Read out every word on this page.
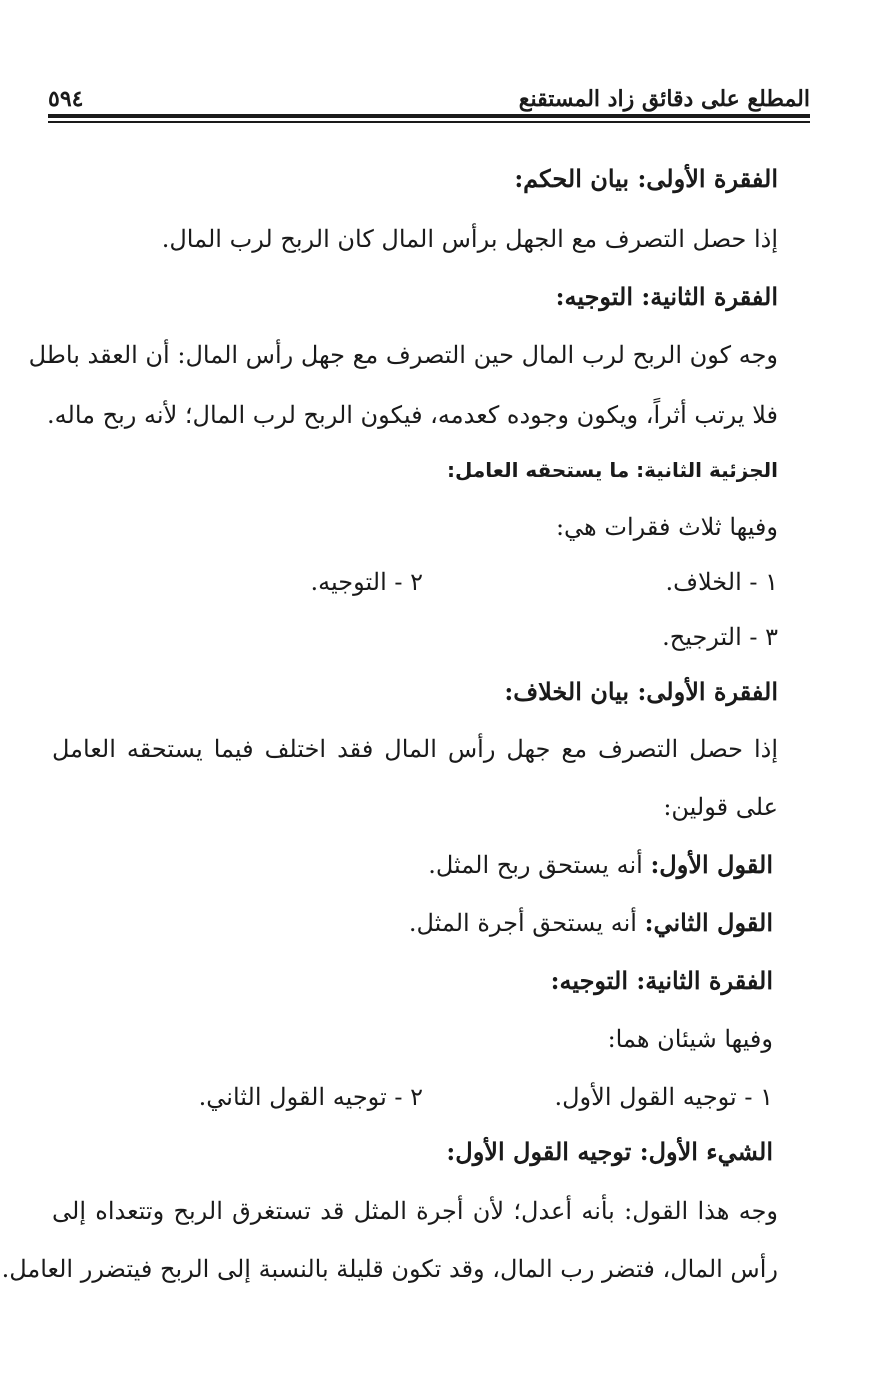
المطلع على دقائق زاد المستقنع
٥٩٤
الفقرة الأولى: بيان الحكم:
إذا حصل التصرف مع الجهل برأس المال كان الربح لرب المال.
الفقرة الثانية: التوجيه:
وجه كون الربح لرب المال حين التصرف مع جهل رأس المال: أن العقد باطل
فلا يرتب أثراً، ويكون وجوده كعدمه، فيكون الربح لرب المال؛ لأنه ربح ماله.
الجزئية الثانية: ما يستحقه العامل:
وفيها ثلاث فقرات هي:
١ - الخلاف.
٢ - التوجيه.
٣ - الترجيح.
الفقرة الأولى: بيان الخلاف:
إذا حصل التصرف مع جهل رأس المال فقد اختلف فيما يستحقه العامل
على قولين:
القول الأول: أنه يستحق ربح المثل.
القول الثاني: أنه يستحق أجرة المثل.
الفقرة الثانية: التوجيه:
وفيها شيئان هما:
١ - توجيه القول الأول.
٢ - توجيه القول الثاني.
الشيء الأول: توجيه القول الأول:
وجه هذا القول: بأنه أعدل؛ لأن أجرة المثل قد تستغرق الربح وتتعداه إلى
رأس المال، فتضر رب المال، وقد تكون قليلة بالنسبة إلى الربح فيتضرر العامل.
